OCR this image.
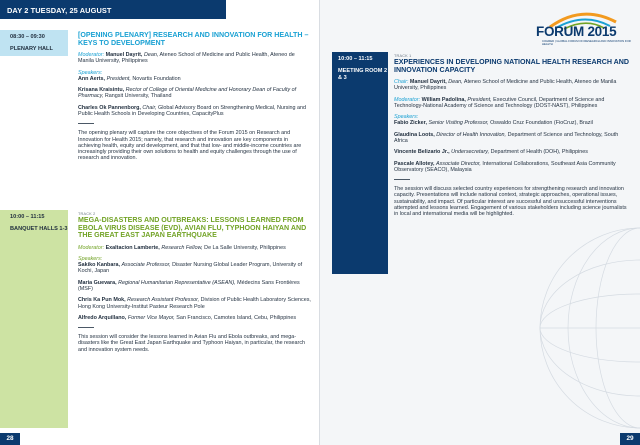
DAY 2 TUESDAY, 25 AUGUST
08:30 – 09:30
PLENARY HALL
[OPENING PLENARY] RESEARCH AND INNOVATION FOR HEALTH – KEYS TO DEVELOPMENT
Moderator: Manuel Dayrit, Dean, Ateneo School of Medicine and Public Health, Ateneo de Manila University, Philippines
Speakers:
Ann Aerts, President, Novartis Foundation
Krisana Kraisintu, Rector of College of Oriental Medicine and Honorary Dean of Faculty of Pharmacy, Rangsit University, Thailand
Charles Ok Pannenborg, Chair, Global Advisory Board on Strengthening Medical, Nursing and Public Health Schools in Developing Countries, CapacityPlus
The opening plenary will capture the core objectives of the Forum 2015 on Research and Innovation for Health 2015; namely, that research and innovation are key components in achieving health, equity and development, and that that low- and middle-income countries are increasingly providing their own solutions to health and equity challenges through the use of research and innovation.
10:00 – 11:15
BANQUET HALLS 1-3
TRACK 2
MEGA-DISASTERS AND OUTBREAKS: LESSONS LEARNED FROM EBOLA VIRUS DISEASE (EVD), AVIAN FLU, TYPHOON HAIYAN AND THE GREAT EAST JAPAN EARTHQUAKE
Moderator: Exaltacion Lamberte, Research Fellow, De La Salle University, Philippines
Speakers:
Sakiko Kanbara, Associate Professor, Disaster Nursing Global Leader Program, University of Kochi, Japan
Maria Guevara, Regional Humanitarian Representative (ASEAN), Médecins Sans Frontières (MSF)
Chris Ka Pun Mok, Research Assistant Professor, Division of Public Health Laboratory Sciences, Hong Kong University-Institut Pasteur Research Pole
Alfredo Arquillano, Former Vice Mayor, San Francisco, Camotes Island, Cebu, Philippines
This session will consider the lessons learned in Avian Flu and Ebola outbreaks, and mega-disasters like the Great East Japan Earthquake and Typhoon Haiyan, in particular, the research and innovation system needs.
28
FORUM 2015
COHRED | GLOBAL FORUM ON RESEARCH AND INNOVATION FOR HEALTH
10:00 – 11:15
MEETING ROOM 2 & 3
TRACK 1
EXPERIENCES IN DEVELOPING NATIONAL HEALTH RESEARCH AND INNOVATION CAPACITY
Chair: Manuel Dayrit, Dean, Ateneo School of Medicine and Public Health, Ateneo de Manila University, Philippines
Moderator: William Padolina, President, Executive Council, Department of Science and Technology-National Academy of Science and Technology (DOST-NAST), Philippines
Speakers:
Fabio Zicker, Senior Visiting Professor, Oswaldo Cruz Foundation (FioCruz), Brazil
Glaudina Loots, Director of Health Innovation, Department of Science and Technology, South Africa
Vincente Belizario Jr., Undersecretary, Department of Health (DOH), Philippines
Pascale Allotey, Associate Director, International Collaborations, Southeast Asia Community Observatory (SEACO), Malaysia
The session will discuss selected country experiences for strengthening research and innovation capacity. Presentations will include national context, strategic approaches, operational issues, sustainability, and impact. Of particular interest are successful and unsuccessful interventions attempted and lessons learned. Engagement of various stakeholders including science journalists in local and international media will be highlighted.
29
